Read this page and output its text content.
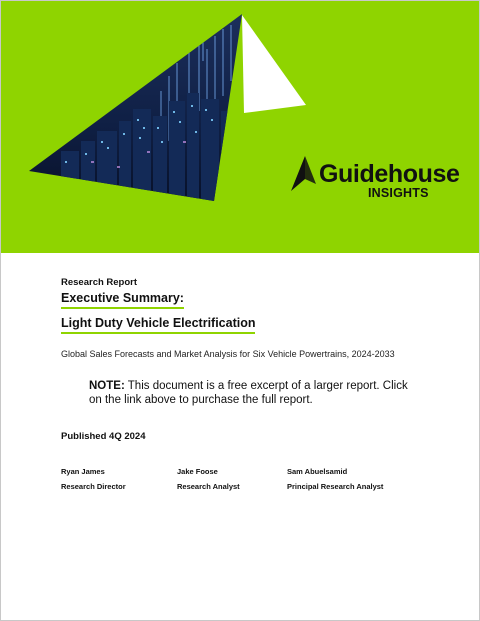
Guidehouse
INSIGHTS
Research Report
Executive Summary:
Light Duty Vehicle Electrification
Global Sales Forecasts and Market Analysis for Six Vehicle Powertrains, 2024-2033
NOTE: This document is a free excerpt of a larger report. Click on the link above to purchase the full report.
Published 4Q 2024
Ryan James
Research Director
Jake Foose
Research Analyst
Sam Abuelsamid
Principal Research Analyst
